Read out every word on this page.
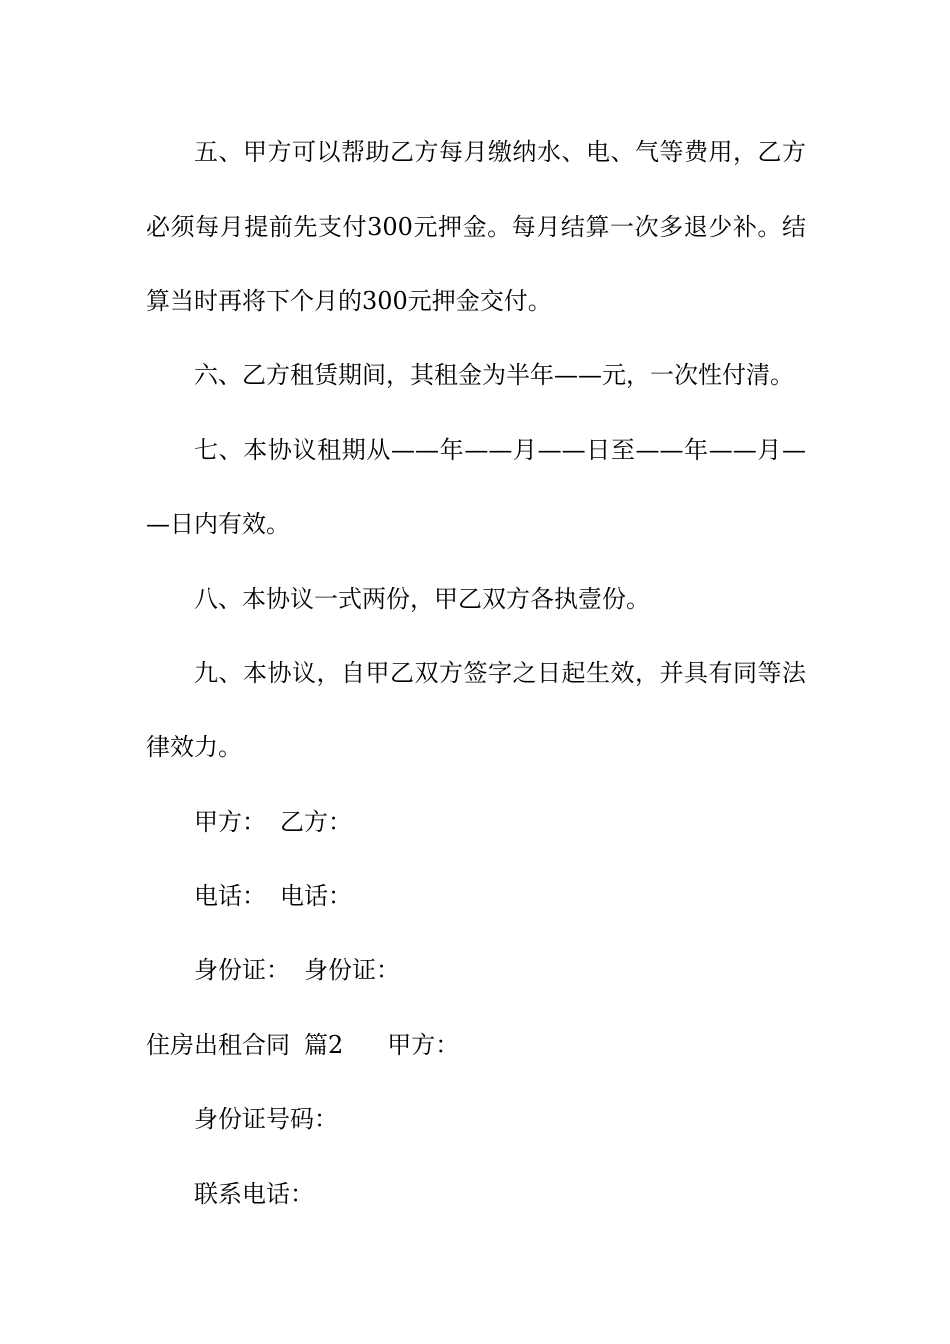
五、甲方可以帮助乙方每月缴纳水、电、气等费用，乙方
必须每月提前先支付300元押金。每月结算一次多退少补。结
算当时再将下个月的300元押金交付。
六、乙方租赁期间，其租金为半年——元，一次性付清。
七、本协议租期从——年——月——日至——年——月—
—日内有效。
八、本协议一式两份，甲乙双方各执壹份。
九、本协议，自甲乙双方签字之日起生效，并具有同等法
律效力。
甲方： 乙方：
电话： 电话：
身份证： 身份证：
住房出租合同 篇2 甲方：
身份证号码：
联系电话：
